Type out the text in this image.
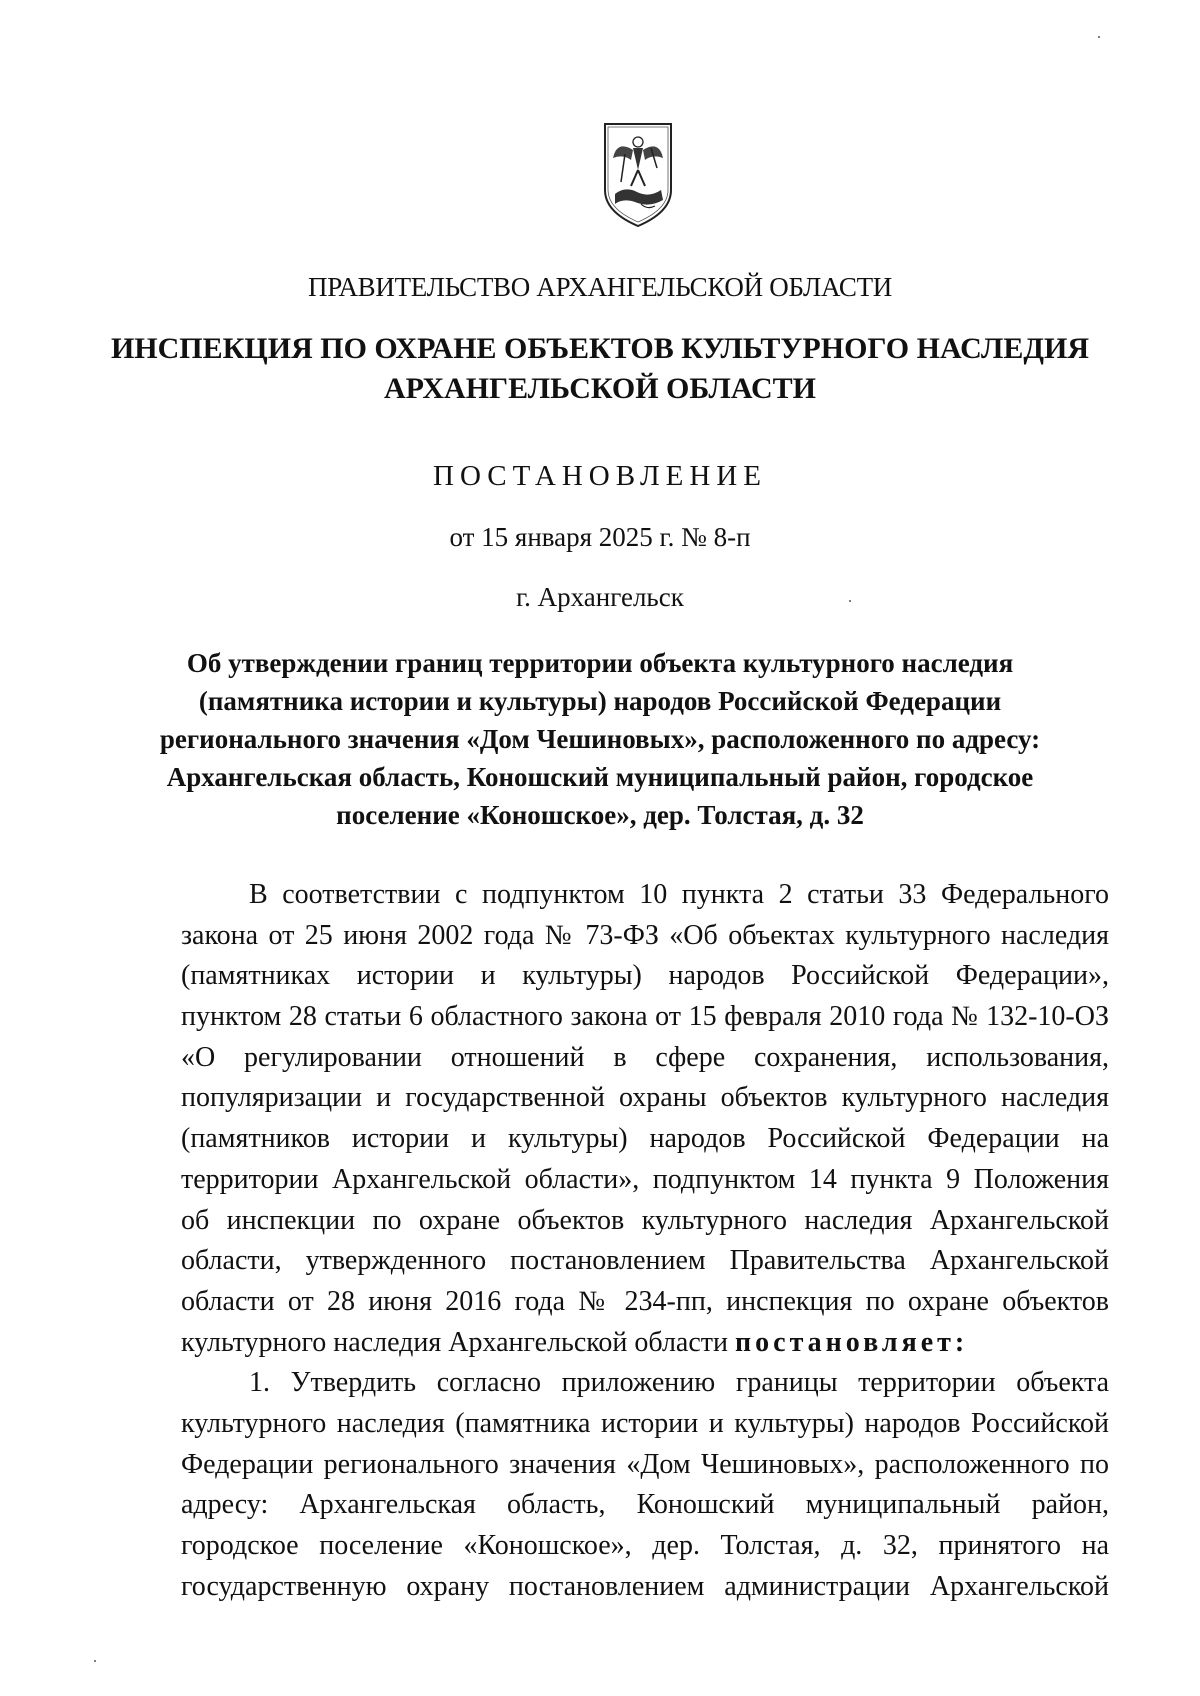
ПРАВИТЕЛЬСТВО АРХАНГЕЛЬСКОЙ ОБЛАСТИ
ИНСПЕКЦИЯ ПО ОХРАНЕ ОБЪЕКТОВ КУЛЬТУРНОГО НАСЛЕДИЯ
АРХАНГЕЛЬСКОЙ ОБЛАСТИ
ПОСТАНОВЛЕНИЕ
от 15 января 2025 г. № 8-п
г. Архангельск
Об утверждении границ территории объекта культурного наследия
(памятника истории и культуры) народов Российской Федерации
регионального значения «Дом Чешиновых», расположенного по адресу:
Архангельская область, Коношский муниципальный район, городское
поселение «Коношское», дер. Толстая, д. 32
В соответствии с подпунктом 10 пункта 2 статьи 33 Федерального
закона от 25 июня 2002 года № 73-ФЗ «Об объектах культурного наследия
(памятниках истории и культуры) народов Российской Федерации»,
пунктом 28 статьи 6 областного закона от 15 февраля 2010 года № 132-10-ОЗ
«О регулировании отношений в сфере сохранения, использования,
популяризации и государственной охраны объектов культурного наследия
(памятников истории и культуры) народов Российской Федерации на
территории Архангельской области», подпунктом 14 пункта 9 Положения
об инспекции по охране объектов культурного наследия Архангельской
области, утвержденного постановлением Правительства Архангельской
области от 28 июня 2016 года № 234-пп, инспекция по охране объектов
культурного наследия Архангельской области постановляет:
1. Утвердить согласно приложению границы территории объекта
культурного наследия (памятника истории и культуры) народов Российской
Федерации регионального значения «Дом Чешиновых», расположенного по
адресу: Архангельская область, Коношский муниципальный район,
городское поселение «Коношское», дер. Толстая, д. 32, принятого на
государственную охрану постановлением администрации Архангельской
